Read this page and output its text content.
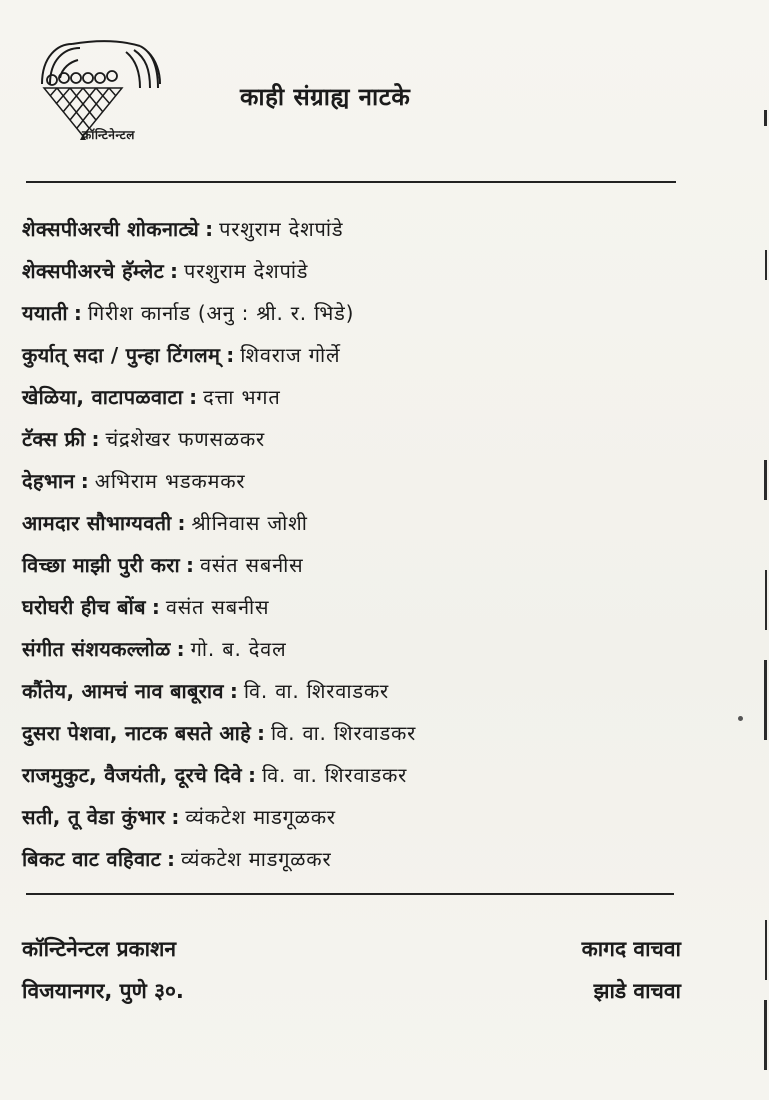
कॉन्टिनेन्टल
काही संग्राह्य नाटके
शेक्सपीअरची शोकनाट्ये : परशुराम देशपांडे
शेक्सपीअरचे हॅम्लेट : परशुराम देशपांडे
ययाती : गिरीश कार्नाड (अनु : श्री. र. भिडे)
कुर्यात् सदा / पुन्हा टिंगलम् : शिवराज गोर्ले
खेळिया, वाटापळवाटा : दत्ता भगत
टॅक्स फ्री : चंद्रशेखर फणसळकर
देहभान : अभिराम भडकमकर
आमदार सौभाग्यवती : श्रीनिवास जोशी
विच्छा माझी पुरी करा : वसंत सबनीस
घरोघरी हीच बोंब : वसंत सबनीस
संगीत संशयकल्लोळ : गो. ब. देवल
कौंतेय, आमचं नाव बाबूराव : वि. वा. शिरवाडकर
दुसरा पेशवा, नाटक बसते आहे : वि. वा. शिरवाडकर
राजमुकुट, वैजयंती, दूरचे दिवे : वि. वा. शिरवाडकर
सती, तू वेडा कुंभार : व्यंकटेश माडगूळकर
बिकट वाट वहिवाट : व्यंकटेश माडगूळकर
कॉन्टिनेन्टल प्रकाशन
विजयानगर, पुणे ३०.
कागद वाचवा
झाडे वाचवा
